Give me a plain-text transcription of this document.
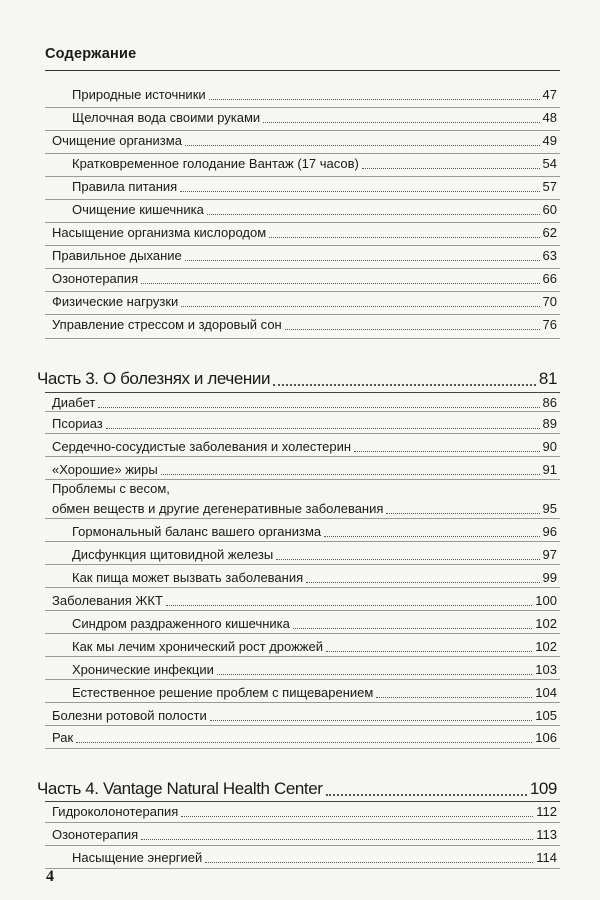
Содержание
Природные источники	47
Щелочная вода своими руками	48
Очищение организма	49
Кратковременное голодание Вантаж (17 часов)	54
Правила питания	57
Очищение кишечника	60
Насыщение организма кислородом	62
Правильное дыхание	63
Озонотерапия	66
Физические нагрузки	70
Управление стрессом и здоровый сон	76
Часть 3. О болезнях и лечении	81
Диабет	86
Псориаз	89
Сердечно-сосудистые заболевания и холестерин	90
«Хорошие» жиры	91
Проблемы с весом,
обмен веществ и другие дегенеративные заболевания	95
Гормональный баланс вашего организма	96
Дисфункция щитовидной железы	97
Как пища может вызвать заболевания	99
Заболевания ЖКТ	100
Синдром раздраженного кишечника	102
Как мы лечим хронический рост дрожжей	102
Хронические инфекции	103
Естественное решение проблем с пищеварением	104
Болезни ротовой полости	105
Рак	106
Часть 4. Vantage Natural Health Center	109
Гидроколонотерапия	112
Озонотерапия	113
Насыщение энергией	114
4
